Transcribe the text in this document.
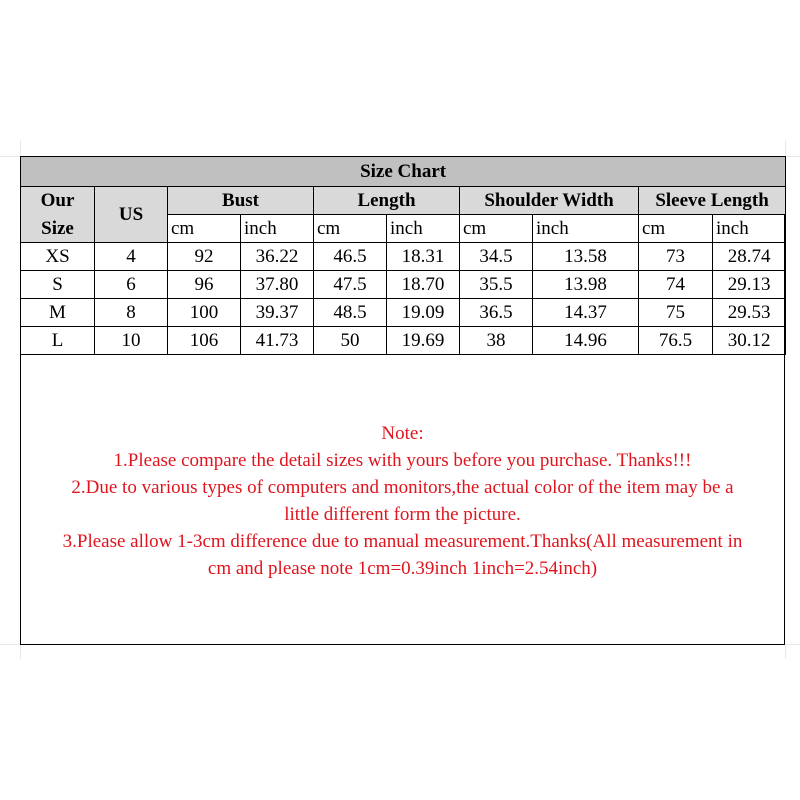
Size Chart									
Our Size	US	Bust		Length		Shoulder Width		Sleeve Length	
		cm	inch	cm	inch	cm	inch	cm	inch
XS	4	92	36.22	46.5	18.31	34.5	13.58	73	28.74
S	6	96	37.80	47.5	18.70	35.5	13.98	74	29.13
M	8	100	39.37	48.5	19.09	36.5	14.37	75	29.53
L	10	106	41.73	50	19.69	38	14.96	76.5	30.12
Note:
1.Please compare the detail sizes with yours before you purchase. Thanks!!!
2.Due to various types of computers and monitors,the actual color of the item may be a
little different form the picture.
3.Please allow 1-3cm difference due to manual measurement.Thanks(All measurement in
cm and please note 1cm=0.39inch 1inch=2.54inch)
